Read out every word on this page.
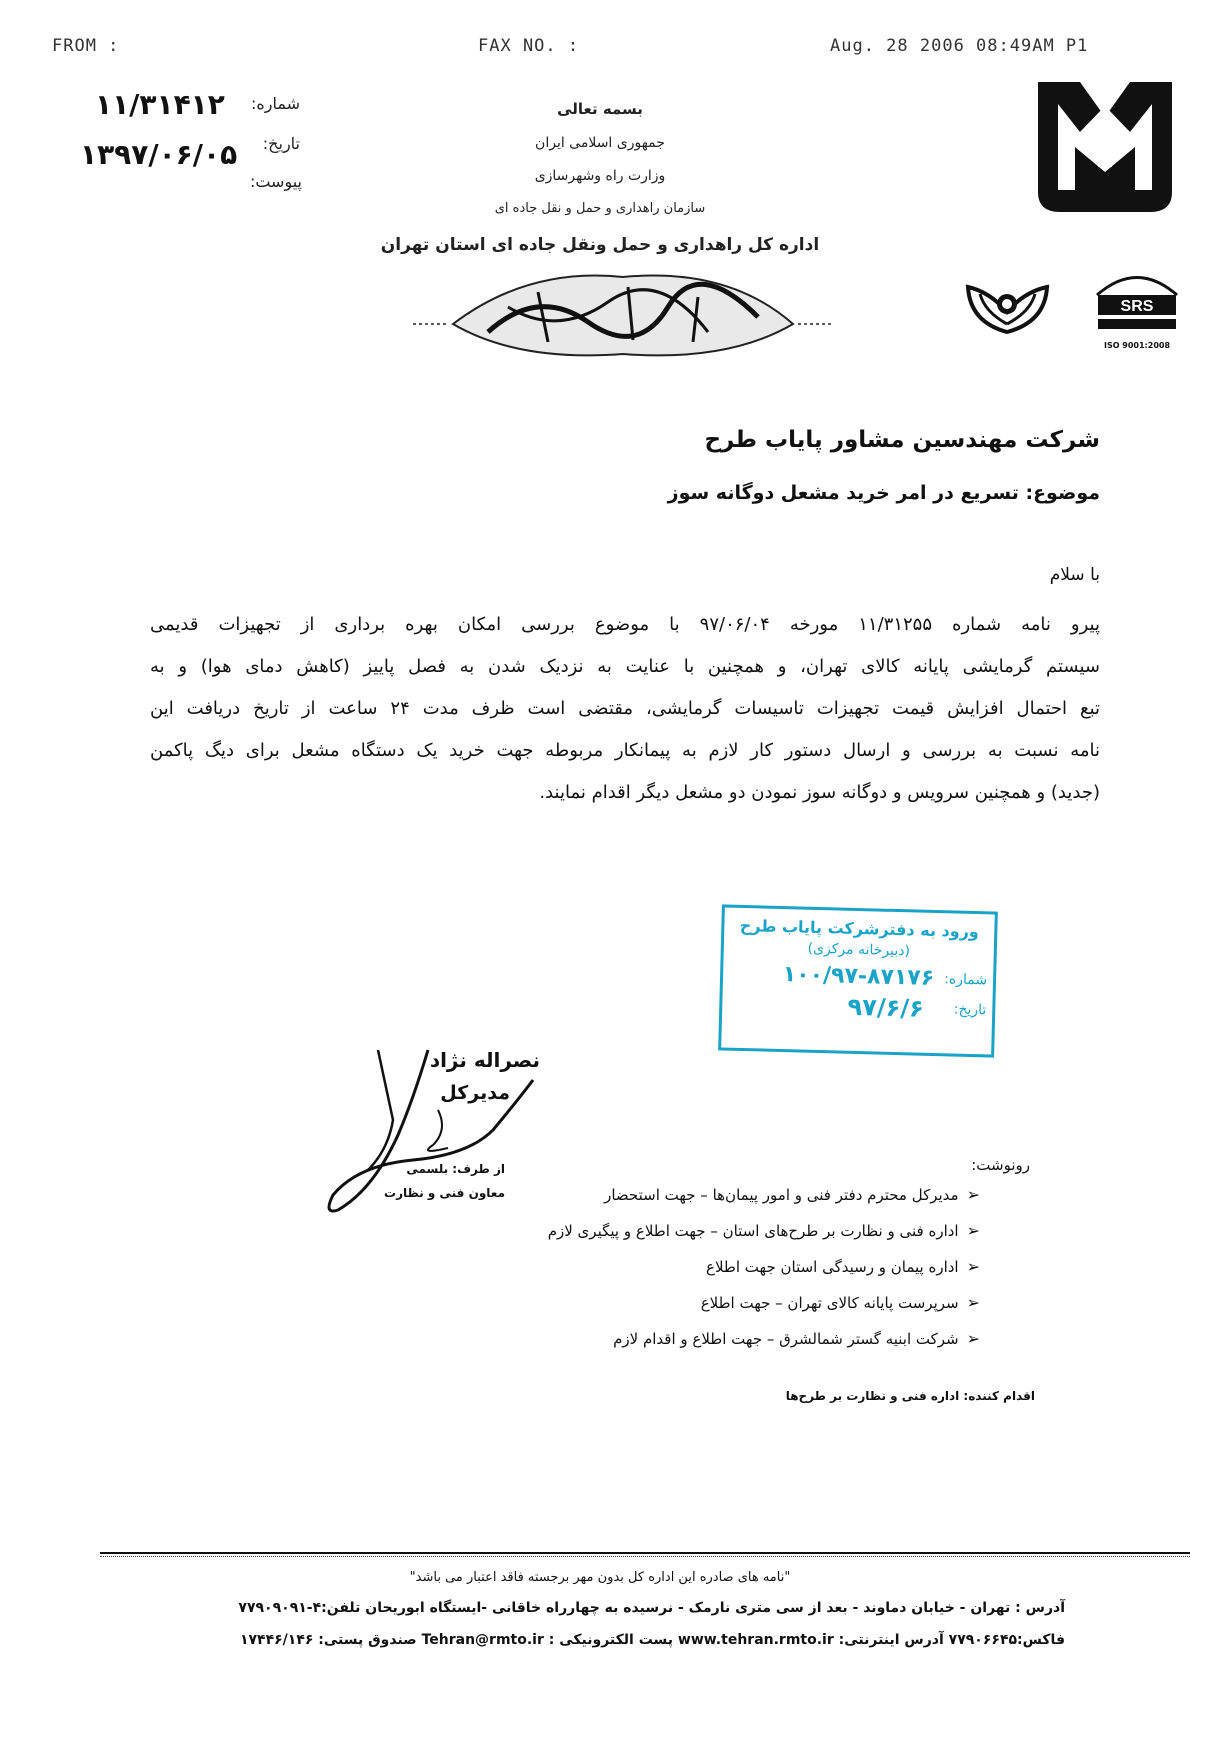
FROM :	FAX NO. :	Aug. 28 2006 08:49AM P1
شماره:
۱۱/۳۱۴۱۲
تاریخ:
۱۳۹۷/۰۶/۰۵
پیوست:
بسمه تعالی
جمهوری اسلامی ایران
وزارت راه وشهرسازی
سازمان راهداری و حمل و نقل جاده ای
اداره کل راهداری و حمل ونقل جاده ای استان تهران
SRS
ISO 9001:2008
شرکت مهندسین مشاور پایاب طرح
موضوع: تسریع در امر خرید مشعل دوگانه سوز
با سلام
پیرو نامه شماره ۱۱/۳۱۲۵۵ مورخه ۹۷/۰۶/۰۴ با موضوع بررسی امکان بهره برداری از تجهیزات قدیمی
سیستم گرمایشی پایانه کالای تهران، و همچنین با عنایت به نزدیک شدن به فصل پاییز (کاهش دمای هوا) و به
تبع احتمال افزایش قیمت تجهیزات تاسیسات گرمایشی، مقتضی است ظرف مدت ۲۴ ساعت از تاریخ دریافت این
نامه نسبت به بررسی و ارسال دستور کار لازم به پیمانکار مربوطه جهت خرید یک دستگاه مشعل برای دیگ پاکمن
(جدید) و همچنین سرویس و دوگانه سوز نمودن دو مشعل دیگر اقدام نمایند.
ورود به دفترشرکت پایاب طرح
(دبیرخانه مرکزی)
شماره:
۱۰۰/۹۷-۸۷۱۷۶
تاریخ:
۹۷/۶/۶
نصراله نژاد
مدیرکل
از طرف: بلسمی
معاون فنی و نظارت
رونوشت:
➢مدیرکل محترم دفتر فنی و امور پیمان‌ها – جهت استحضار
➢اداره فنی و نظارت بر طرح‌های استان – جهت اطلاع و پیگیری لازم
➢اداره پیمان و رسیدگی استان جهت اطلاع
➢سرپرست پایانه کالای تهران – جهت اطلاع
➢شرکت ابنیه گستر شمالشرق – جهت اطلاع و اقدام لازم
اقدام کننده: اداره فنی و نظارت بر طرح‌ها
"نامه های صادره این اداره کل بدون مهر برجسته فاقد اعتبار می باشد"
آدرس : تهران - خیابان دماوند - بعد از سی متری نارمک - نرسیده به چهارراه خاقانی -ایستگاه ابوریحان تلفن:۴-۷۷۹۰۹۰۹۱
فاکس:۷۷۹۰۶۶۴۵ آدرس اینترنتی: www.tehran.rmto.ir پست الکترونیکی : Tehran@rmto.ir صندوق پستی: ۱۷۴۴۶/۱۴۶
